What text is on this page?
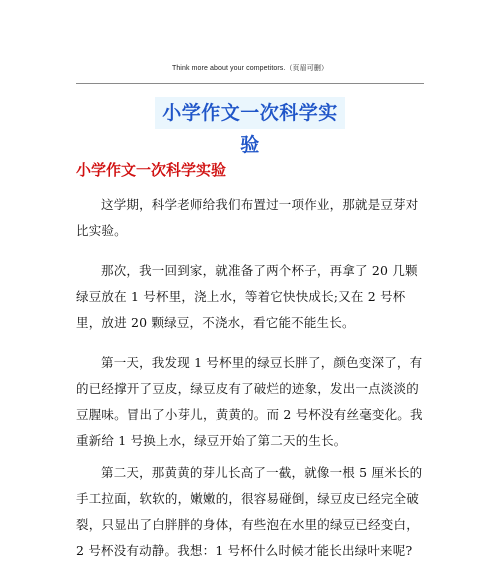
Think more about your competitors.（页眉可删）
小学作文一次科学实验
小学作文一次科学实验

这学期，科学老师给我们布置过一项作业，那就是豆芽对比实验。

那次，我一回到家，就准备了两个杯子，再拿了 20 几颗绿豆放在 1 号杯里，浇上水，等着它快快成长;又在 2 号杯里，放进 20 颗绿豆，不浇水，看它能不能生长。

第一天，我发现 1 号杯里的绿豆长胖了，颜色变深了，有的已经撑开了豆皮，绿豆皮有了破烂的迹象，发出一点淡淡的豆腥味。冒出了小芽儿，黄黄的。而 2 号杯没有丝毫变化。我重新给 1 号换上水，绿豆开始了第二天的生长。

第二天，那黄黄的芽儿长高了一截，就像一根 5 厘米长的手工拉面，软软的，嫩嫩的，很容易碰倒，绿豆皮已经完全破裂，只显出了白胖胖的身体，有些泡在水里的绿豆已经变白，2 号杯没有动静。我想：1 号杯什么时候才能长出绿叶来呢?
